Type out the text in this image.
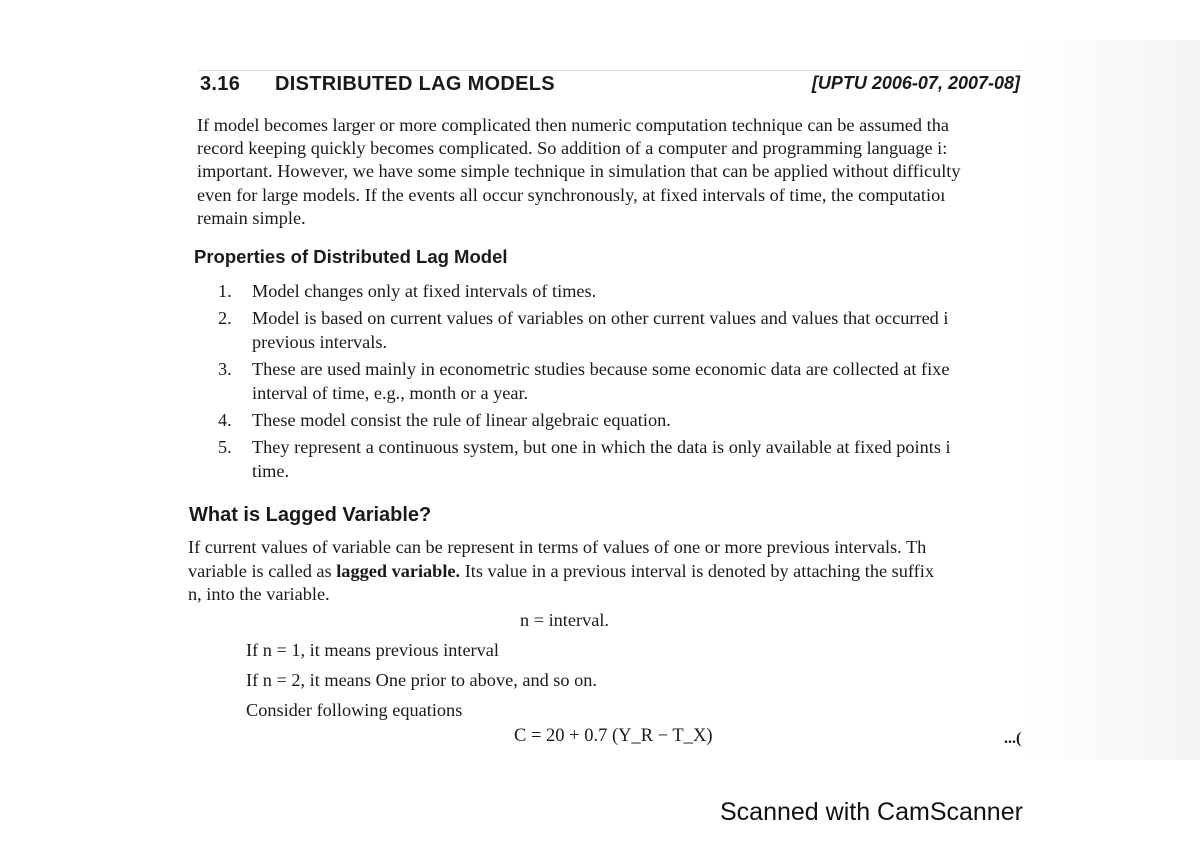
3.16 DISTRIBUTED LAG MODELS	[UPTU 2006-07, 2007-08]
If model becomes larger or more complicated then numeric computation technique can be assumed tha
record keeping quickly becomes complicated. So addition of a computer and programming language i:
important. However, we have some simple technique in simulation that can be applied without difficulty
even for large models. If the events all occur synchronously, at fixed intervals of time, the computatioı
remain simple.
Properties of Distributed Lag Model
1. Model changes only at fixed intervals of times.
2. Model is based on current values of variables on other current values and values that occurred i
previous intervals.
3. These are used mainly in econometric studies because some economic data are collected at fixe
interval of time, e.g., month or a year.
4. These model consist the rule of linear algebraic equation.
5. They represent a continuous system, but one in which the data is only available at fixed points i
time.
What is Lagged Variable?
If current values of variable can be represent in terms of values of one or more previous intervals. Th
variable is called as lagged variable. Its value in a previous interval is denoted by attaching the suffix
n, into the variable.
n = interval.
If n = 1, it means previous interval
If n = 2, it means One prior to above, and so on.
Consider following equations
C = 20 + 0.7 (Y_R − T_X)	...(
Scanned with CamScanner
